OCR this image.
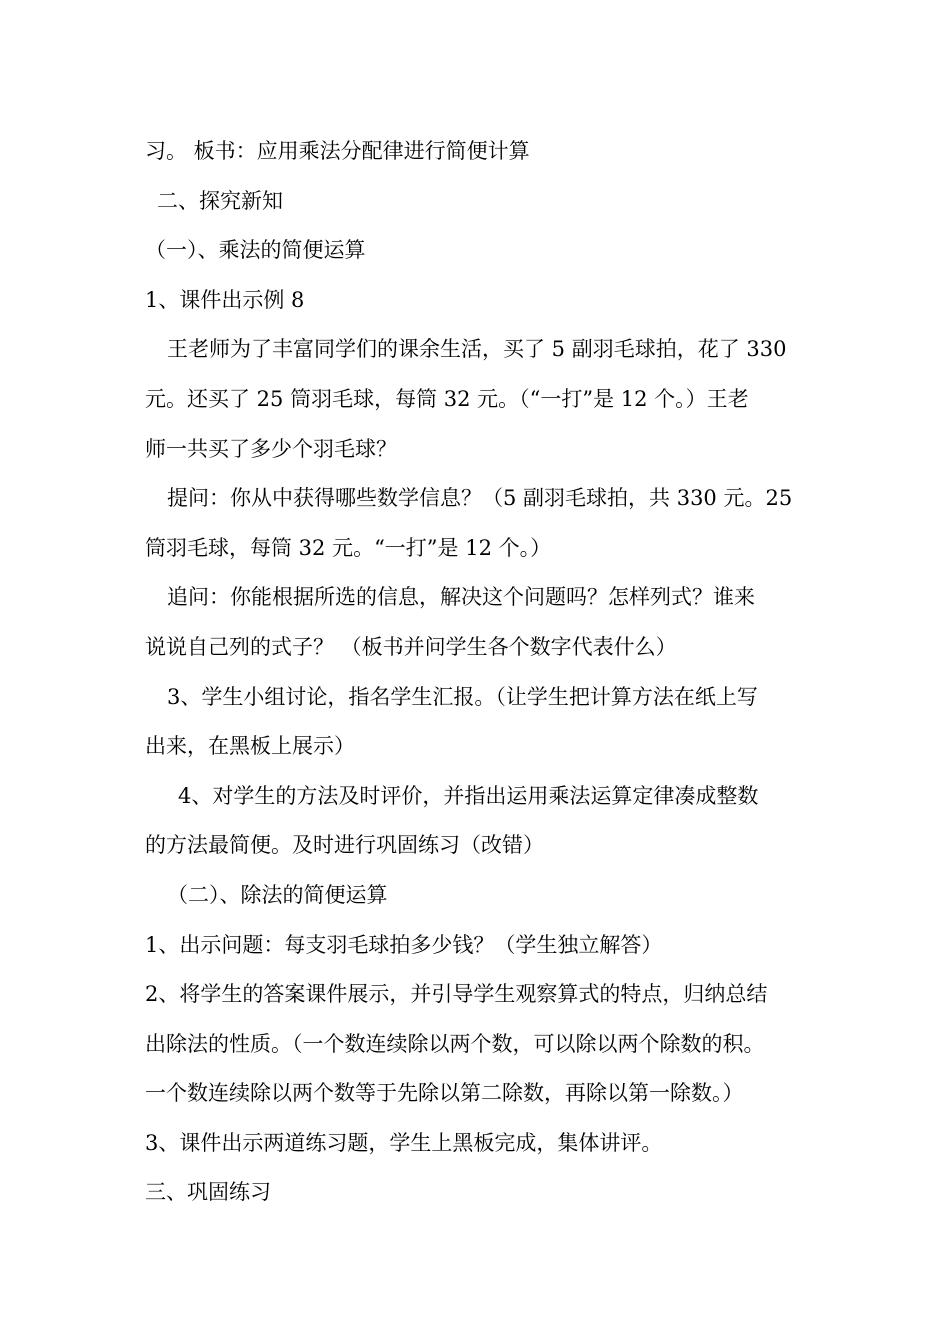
习。 板书：应用乘法分配律进行简便计算
二、探究新知
（一）、乘法的简便运算
1、课件出示例 8
王老师为了丰富同学们的课余生活，买了 5 副羽毛球拍，花了 330
元。还买了 25 筒羽毛球，每筒 32 元。（“一打”是 12 个。）王老
师一共买了多少个羽毛球？
提问：你从中获得哪些数学信息？（5 副羽毛球拍，共 330 元。25
筒羽毛球，每筒 32 元。“一打”是 12 个。）
追问：你能根据所选的信息，解决这个问题吗？怎样列式？谁来
说说自己列的式子？ （板书并问学生各个数字代表什么）
3、学生小组讨论，指名学生汇报。（让学生把计算方法在纸上写
出来，在黑板上展示）
4、对学生的方法及时评价，并指出运用乘法运算定律凑成整数
的方法最简便。及时进行巩固练习（改错）
（二）、除法的简便运算
1、出示问题：每支羽毛球拍多少钱？（学生独立解答）
2、将学生的答案课件展示，并引导学生观察算式的特点，归纳总结
出除法的性质。（一个数连续除以两个数，可以除以两个除数的积。
一个数连续除以两个数等于先除以第二除数，再除以第一除数。）
3、课件出示两道练习题，学生上黑板完成，集体讲评。
三、巩固练习
